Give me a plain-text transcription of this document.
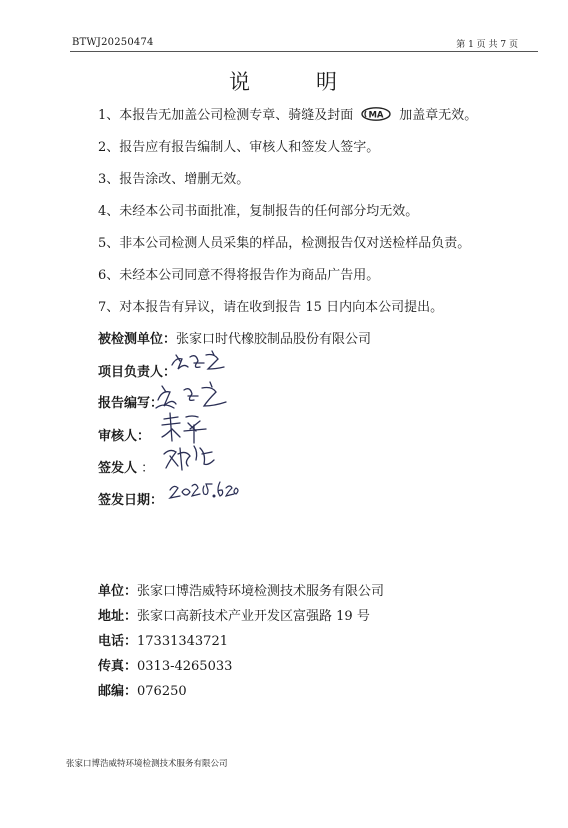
BTWJ20250474	第 1 页 共 7 页
说	明
1、本报告无加盖公司检测专章、骑缝及封面 MA 加盖章无效。
2、报告应有报告编制人、审核人和签发人签字。
3、报告涂改、增删无效。
4、未经本公司书面批准，复制报告的任何部分均无效。
5、非本公司检测人员采集的样品，检测报告仅对送检样品负责。
6、未经本公司同意不得将报告作为商品广告用。
7、对本报告有异议，请在收到报告 15 日内向本公司提出。
被检测单位：张家口时代橡胶制品股份有限公司
项目负责人：
报告编写：
审核人：
签发人 ：
签发日期：
单位：张家口博浩威特环境检测技术服务有限公司
地址：张家口高新技术产业开发区富强路 19 号
电话：17331343721
传真：0313-4265033
邮编：076250
张家口博浩威特环境检测技术服务有限公司
